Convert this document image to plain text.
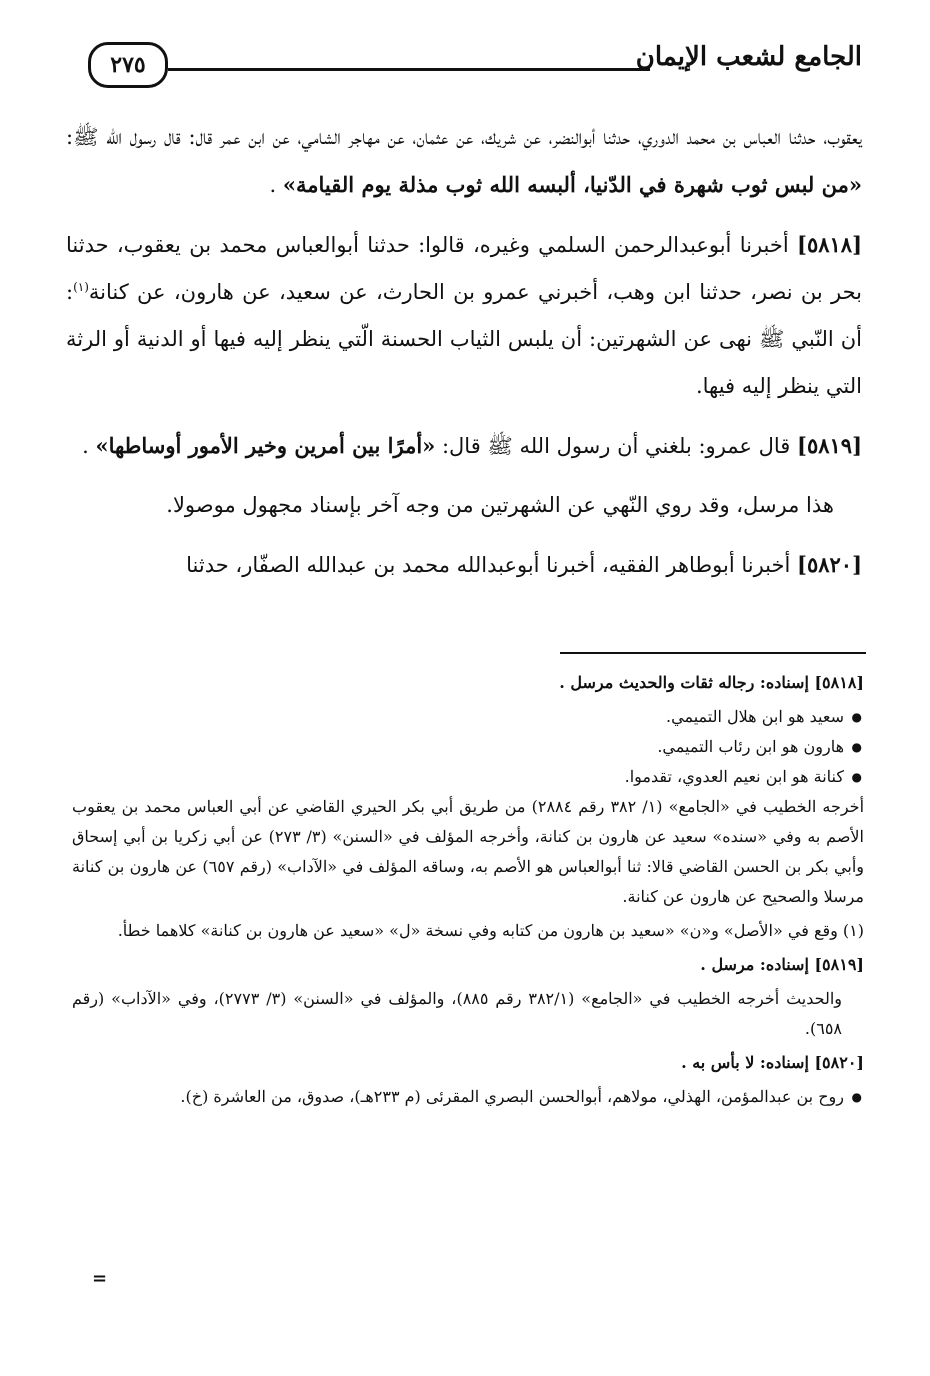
الجامع لشعب الإيمان
٢٧٥

يعقوب، حدثنا العباس بن محمد الدوري، حدثنا أبوالنضر، عن شريك، عن عثمان، عن مهاجر الشامي، عن ابن عمر قال: قال رسول الله ﷺ: «من لبس ثوب شهرة في الدّنيا، ألبسه الله ثوب مذلة يوم القيامة» .

[٥٨١٨] أخبرنا أبوعبدالرحمن السلمي وغيره، قالوا: حدثنا أبوالعباس محمد بن يعقوب، حدثنا بحر بن نصر، حدثنا ابن وهب، أخبرني عمرو بن الحارث، عن سعيد، عن هارون، عن كنانة$^{(١)}$: أن النّبي ﷺ نهى عن الشهرتين: أن يلبس الثياب الحسنة الّتي ينظر إليه فيها أو الدنية أو الرثة التي ينظر إليه فيها.

[٥٨١٩] قال عمرو: بلغني أن رسول الله ﷺ قال: «أمرًا بين أمرين وخير الأمور أوساطها» .

هذا مرسل، وقد روي النّهي عن الشهرتين من وجه آخر بإسناد مجهول موصولا.

[٥٨٢٠] أخبرنا أبوطاهر الفقيه، أخبرنا أبوعبدالله محمد بن عبدالله الصفّار، حدثنا

[٥٨١٨] إسناده: رجاله ثقات والحديث مرسل .

● سعيد هو ابن هلال التميمي.
● هارون هو ابن رئاب التميمي.
● كنانة هو ابن نعيم العدوي، تقدموا.

أخرجه الخطيب في «الجامع» (١/ ٣٨٢ رقم ٢٨٨٤) من طريق أبي بكر الحيري القاضي عن أبي العباس محمد بن يعقوب الأصم به وفي «سنده» سعيد عن هارون بن كنانة، وأخرجه المؤلف في «السنن» (٣/ ٢٧٣) عن أبي زكريا بن أبي إسحاق وأبي بكر بن الحسن القاضي قالا: ثنا أبوالعباس هو الأصم به، وساقه المؤلف في «الآداب» (رقم ٦٥٧) عن هارون بن كنانة مرسلا والصحيح عن هارون عن كنانة.

(١) وقع في «الأصل» و«ن» «سعيد بن هارون من كتابه وفي نسخة «ل» «سعيد عن هارون بن كنانة» كلاهما خطأ.

[٥٨١٩] إسناده: مرسل .

والحديث أخرجه الخطيب في «الجامع» (٣٨٢/١ رقم ٨٨٥)، والمؤلف في «السنن» (٣/ ٢٧٧٣)، وفي «الآداب» (رقم ٦٥٨).

[٥٨٢٠] إسناده: لا بأس به .

● روح بن عبدالمؤمن، الهذلي، مولاهم، أبوالحسن البصري المقرئى (م ٢٣٣هـ)، صدوق، من العاشرة (خ).
=
